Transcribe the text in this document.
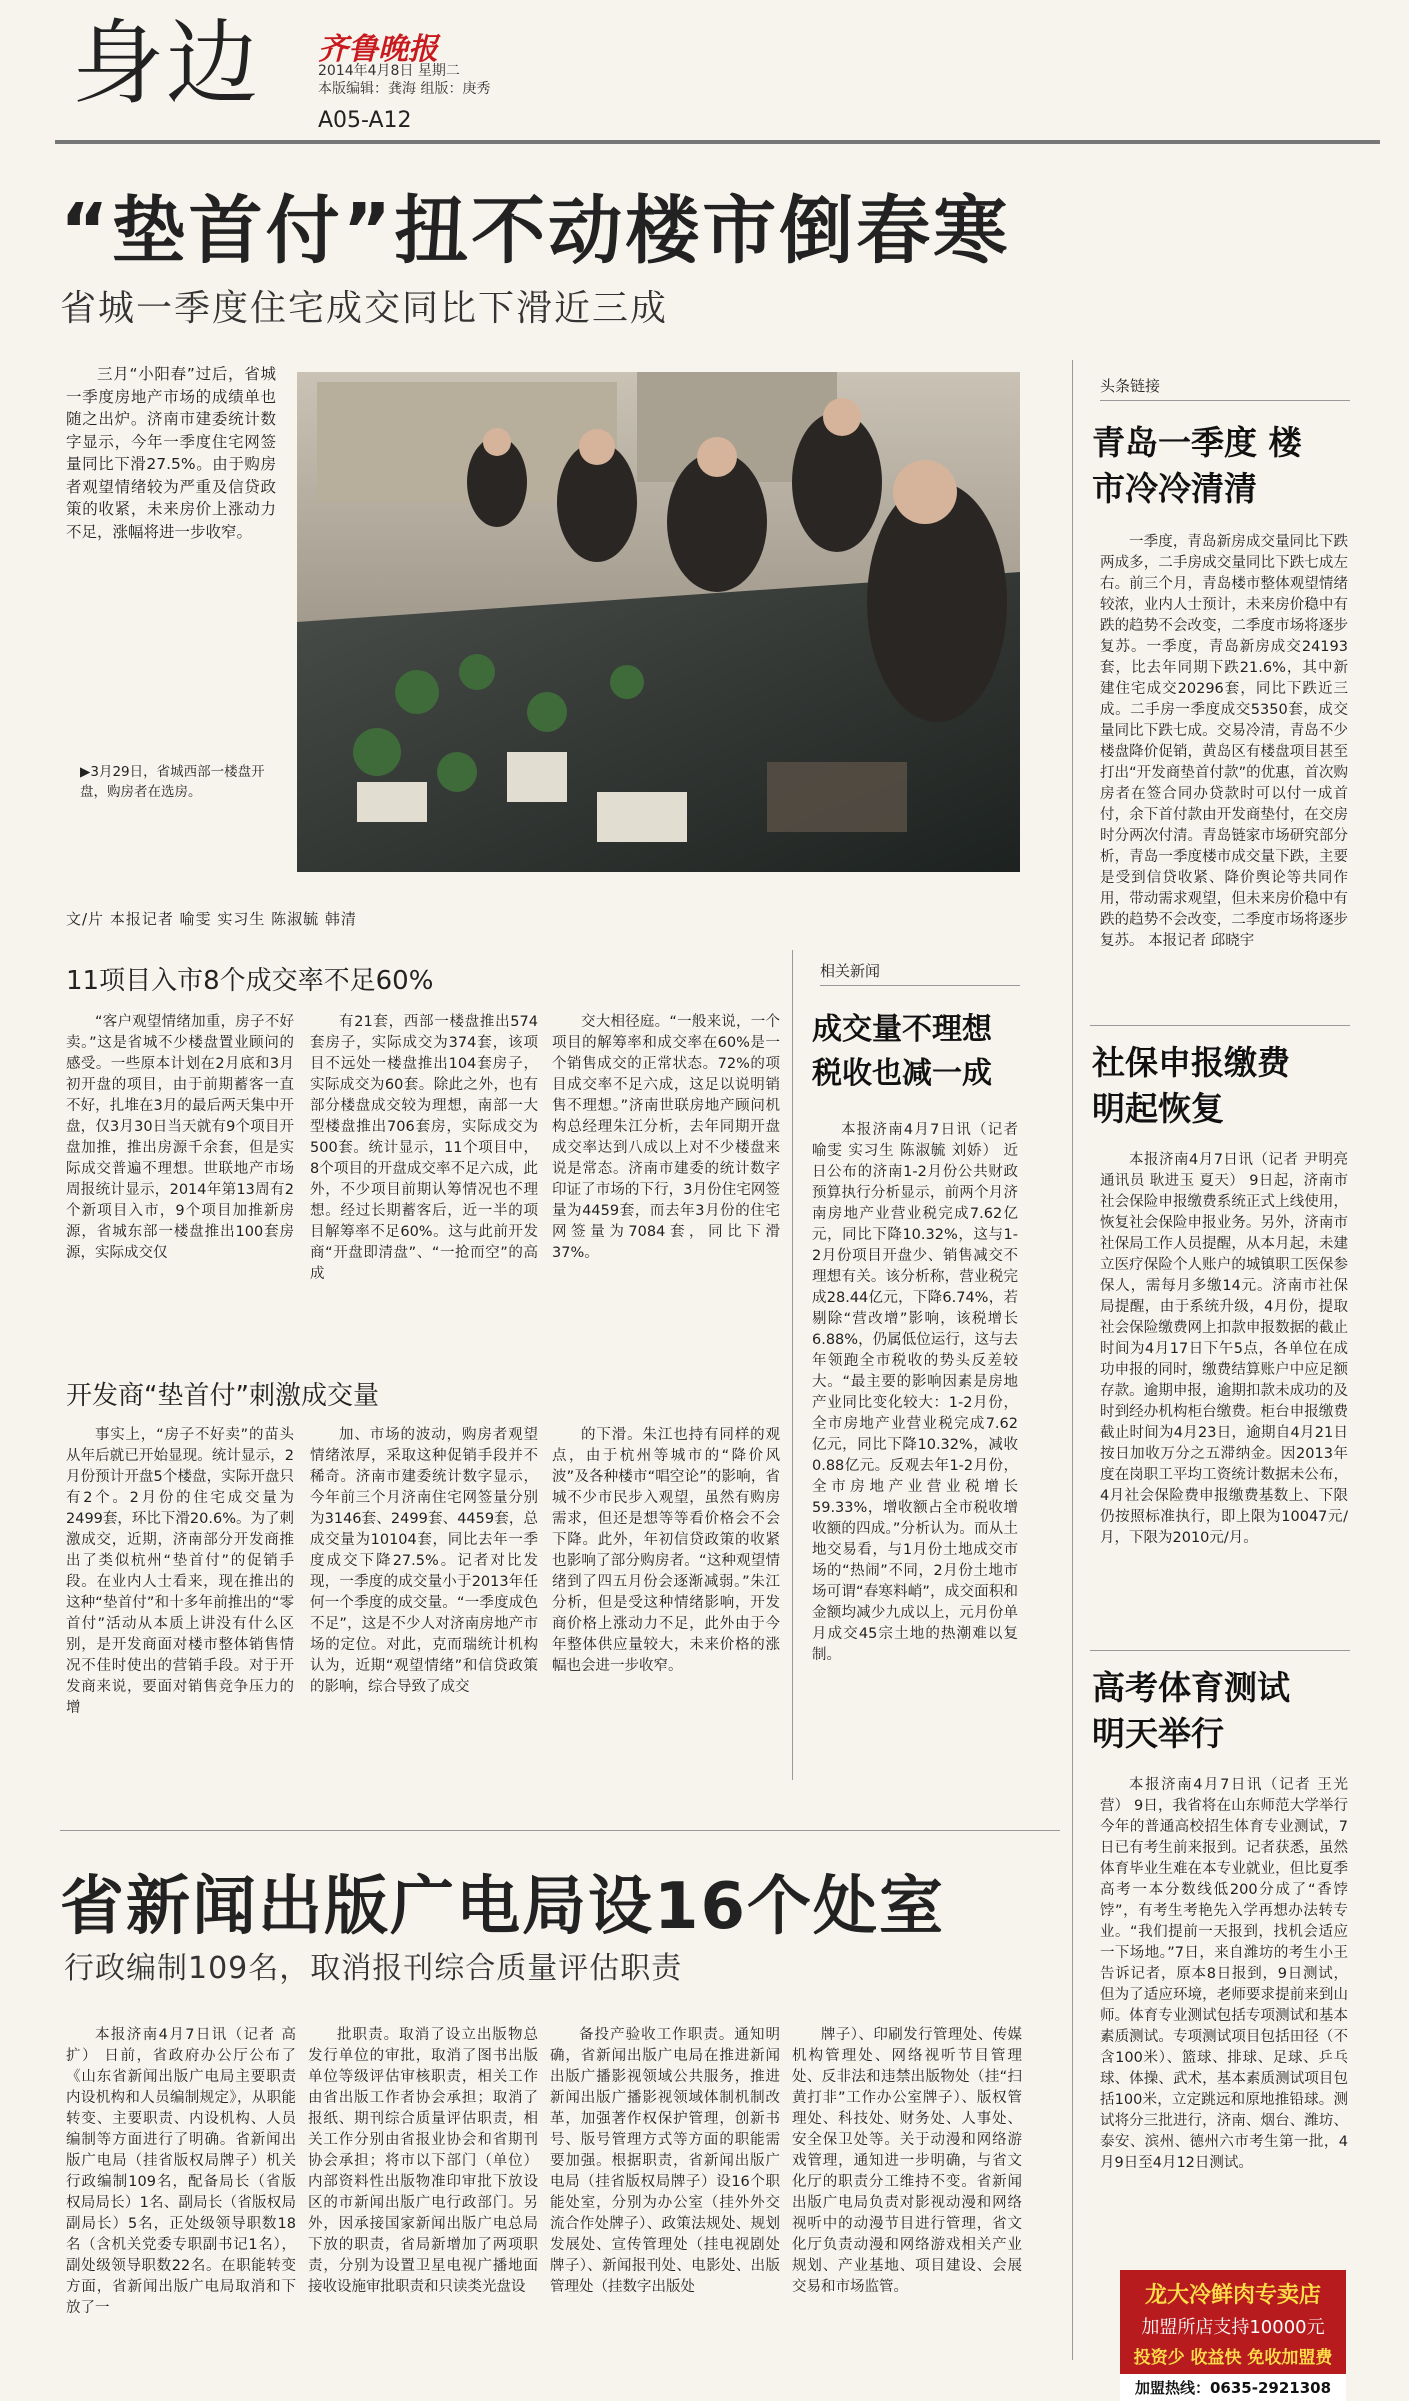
身边 齐鲁晚报
2014年4月8日 星期二
本版编辑：龚海 组版：庚秀
A05-A12
“垫首付”扭不动楼市倒春寒
省城一季度住宅成交同比下滑近三成
三月“小阳春”过后，省城一季度房地产市场的成绩单也随之出炉。济南市建委统计数字显示，今年一季度住宅网签量同比下滑27.5%。由于购房者观望情绪较为严重及信贷政策的收紧，未来房价上涨动力不足，涨幅将进一步收窄。
▶3月29日，省城西部一楼盘开盘，购房者在选房。
文/片 本报记者 喻雯 实习生 陈淑毓 韩清
11项目入市8个成交率不足60%
“客户观望情绪加重，房子不好卖。”这是省城不少楼盘置业顾问的感受。一些原本计划在2月底和3月初开盘的项目，由于前期蓄客一直不好，扎堆在3月的最后两天集中开盘，仅3月30日当天就有9个项目开盘加推，推出房源千余套，但是实际成交普遍不理想。世联地产市场周报统计显示，2014年第13周有2个新项目入市，9个项目加推新房源，省城东部一楼盘推出100套房源，实际成交仅
有21套，西部一楼盘推出574套房子，实际成交为374套，该项目不远处一楼盘推出104套房子，实际成交为60套。除此之外，也有部分楼盘成交较为理想，南部一大型楼盘推出706套房，实际成交为500套。统计显示，11个项目中，8个项目的开盘成交率不足六成，此外，不少项目前期认筹情况也不理想。经过长期蓄客后，近一半的项目解筹率不足60%。这与此前开发商“开盘即清盘”、“一抢而空”的高成
交大相径庭。“一般来说，一个项目的解筹率和成交率在60%是一个销售成交的正常状态。72%的项目成交率不足六成，这足以说明销售不理想。”济南世联房地产顾问机构总经理朱江分析，去年同期开盘成交率达到八成以上对不少楼盘来说是常态。济南市建委的统计数字印证了市场的下行，3月份住宅网签量为4459套，而去年3月份的住宅网签量为7084套，同比下滑37%。
开发商“垫首付”刺激成交量
事实上，“房子不好卖”的苗头从年后就已开始显现。统计显示，2月份预计开盘5个楼盘，实际开盘只有2个。2月份的住宅成交量为2499套，环比下滑20.6%。为了刺激成交，近期，济南部分开发商推出了类似杭州“垫首付”的促销手段。在业内人士看来，现在推出的这种“垫首付”和十多年前推出的“零首付”活动从本质上讲没有什么区别，是开发商面对楼市整体销售情况不佳时使出的营销手段。对于开发商来说，要面对销售竞争压力的增
加、市场的波动，购房者观望情绪浓厚，采取这种促销手段并不稀奇。济南市建委统计数字显示，今年前三个月济南住宅网签量分别为3146套、2499套、4459套，总成交量为10104套，同比去年一季度成交下降27.5%。记者对比发现，一季度的成交量小于2013年任何一个季度的成交量。“一季度成色不足”，这是不少人对济南房地产市场的定位。对此，克而瑞统计机构认为，近期“观望情绪”和信贷政策的影响，综合导致了成交
的下滑。朱江也持有同样的观点，由于杭州等城市的“降价风波”及各种楼市“唱空论”的影响，省城不少市民步入观望，虽然有购房需求，但还是想等等看价格会不会下降。此外，年初信贷政策的收紧也影响了部分购房者。“这种观望情绪到了四五月份会逐渐减弱。”朱江分析，但是受这种情绪影响，开发商价格上涨动力不足，此外由于今年整体供应量较大，未来价格的涨幅也会进一步收窄。
相关新闻
成交量不理想 税收也减一成
本报济南4月7日讯（记者 喻雯 实习生 陈淑毓 刘娇） 近日公布的济南1-2月份公共财政预算执行分析显示，前两个月济南房地产业营业税完成7.62亿元，同比下降10.32%，这与1-2月份项目开盘少、销售减交不理想有关。该分析称，营业税完成28.44亿元，下降6.74%，若剔除“营改增”影响，该税增长6.88%，仍属低位运行，这与去年领跑全市税收的势头反差较大。“最主要的影响因素是房地产业同比变化较大：1-2月份，全市房地产业营业税完成7.62亿元，同比下降10.32%，减收0.88亿元。反观去年1-2月份，全市房地产业营业税增长59.33%，增收额占全市税收增收额的四成。”分析认为。而从土地交易看，与1月份土地成交市场的“热闹”不同，2月份土地市场可谓“春寒料峭”，成交面积和金额均减少九成以上，元月份单月成交45宗土地的热潮难以复制。
头条链接
青岛一季度 楼市冷冷清清
一季度，青岛新房成交量同比下跌两成多，二手房成交量同比下跌七成左右。前三个月，青岛楼市整体观望情绪较浓，业内人士预计，未来房价稳中有跌的趋势不会改变，二季度市场将逐步复苏。一季度，青岛新房成交24193套，比去年同期下跌21.6%，其中新建住宅成交20296套，同比下跌近三成。二手房一季度成交5350套，成交量同比下跌七成。交易冷清，青岛不少楼盘降价促销，黄岛区有楼盘项目甚至打出“开发商垫首付款”的优惠，首次购房者在签合同办贷款时可以付一成首付，余下首付款由开发商垫付，在交房时分两次付清。青岛链家市场研究部分析，青岛一季度楼市成交量下跌，主要是受到信贷收紧、降价舆论等共同作用，带动需求观望，但未来房价稳中有跌的趋势不会改变，二季度市场将逐步复苏。 本报记者 邱晓宇
社保申报缴费 明起恢复
本报济南4月7日讯（记者 尹明亮 通讯员 耿进玉 夏天） 9日起，济南市社会保险申报缴费系统正式上线使用，恢复社会保险申报业务。另外，济南市社保局工作人员提醒，从本月起，未建立医疗保险个人账户的城镇职工医保参保人，需每月多缴14元。济南市社保局提醒，由于系统升级，4月份，提取社会保险缴费网上扣款申报数据的截止时间为4月17日下午5点，各单位在成功申报的同时，缴费结算账户中应足额存款。逾期申报，逾期扣款未成功的及时到经办机构柜台缴费。柜台申报缴费截止时间为4月23日，逾期自4月21日按日加收万分之五滞纳金。因2013年度在岗职工平均工资统计数据未公布，4月社会保险费申报缴费基数上、下限仍按照标准执行，即上限为10047元/月，下限为2010元/月。
高考体育测试 明天举行
本报济南4月7日讯（记者 王光营） 9日，我省将在山东师范大学举行今年的普通高校招生体育专业测试，7日已有考生前来报到。记者获悉，虽然体育毕业生难在本专业就业，但比夏季高考一本分数线低200分成了“香饽饽”，有考生考艳先入学再想办法转专业。“我们提前一天报到，找机会适应一下场地。”7日，来自潍坊的考生小王告诉记者，原本8日报到，9日测试，但为了适应环境，老师要求提前来到山师。体育专业测试包括专项测试和基本素质测试。专项测试项目包括田径（不含100米）、篮球、排球、足球、乒乓球、体操、武术，基本素质测试项目包括100米，立定跳远和原地推铅球。测试将分三批进行，济南、烟台、潍坊、泰安、滨州、德州六市考生第一批，4月9日至4月12日测试。
省新闻出版广电局设16个处室
行政编制109名，取消报刊综合质量评估职责
本报济南4月7日讯（记者 高扩） 日前，省政府办公厅公布了《山东省新闻出版广电局主要职责内设机构和人员编制规定》，从职能转变、主要职责、内设机构、人员编制等方面进行了明确。省新闻出版广电局（挂省版权局牌子）机关行政编制109名，配备局长（省版权局局长）1名、副局长（省版权局副局长）5名，正处级领导职数18名（含机关党委专职副书记1名），副处级领导职数22名。在职能转变方面，省新闻出版广电局取消和下放了一
批职责。取消了设立出版物总发行单位的审批，取消了图书出版单位等级评估审核职责，相关工作由省出版工作者协会承担；取消了报纸、期刊综合质量评估职责，相关工作分别由省报业协会和省期刊协会承担；将市以下部门（单位）内部资料性出版物准印审批下放设区的市新闻出版广电行政部门。另外，因承接国家新闻出版广电总局下放的职责，省局新增加了两项职责，分别为设置卫星电视广播地面接收设施审批职责和只读类光盘设
备投产验收工作职责。通知明确，省新闻出版广电局在推进新闻出版广播影视领域公共服务，推进新闻出版广播影视领域体制机制改革，加强著作权保护管理，创新书号、版号管理方式等方面的职能需要加强。根据职责，省新闻出版广电局（挂省版权局牌子）设16个职能处室，分别为办公室（挂外外交流合作处牌子）、政策法规处、规划发展处、宣传管理处（挂电视剧处牌子）、新闻报刊处、电影处、出版管理处（挂数字出版处
牌子）、印刷发行管理处、传媒机构管理处、网络视听节目管理处、反非法和违禁出版物处（挂“扫黄打非”工作办公室牌子）、版权管理处、科技处、财务处、人事处、安全保卫处等。关于动漫和网络游戏管理，通知进一步明确，与省文化厅的职责分工维持不变。省新闻出版广电局负责对影视动漫和网络视听中的动漫节目进行管理，省文化厅负责动漫和网络游戏相关产业规划、产业基地、项目建设、会展交易和市场监管。	龙大冷鲜肉专卖店
加盟所店支持10000元
投资少 收益快 免收加盟费
加盟热线：0635-2921308
